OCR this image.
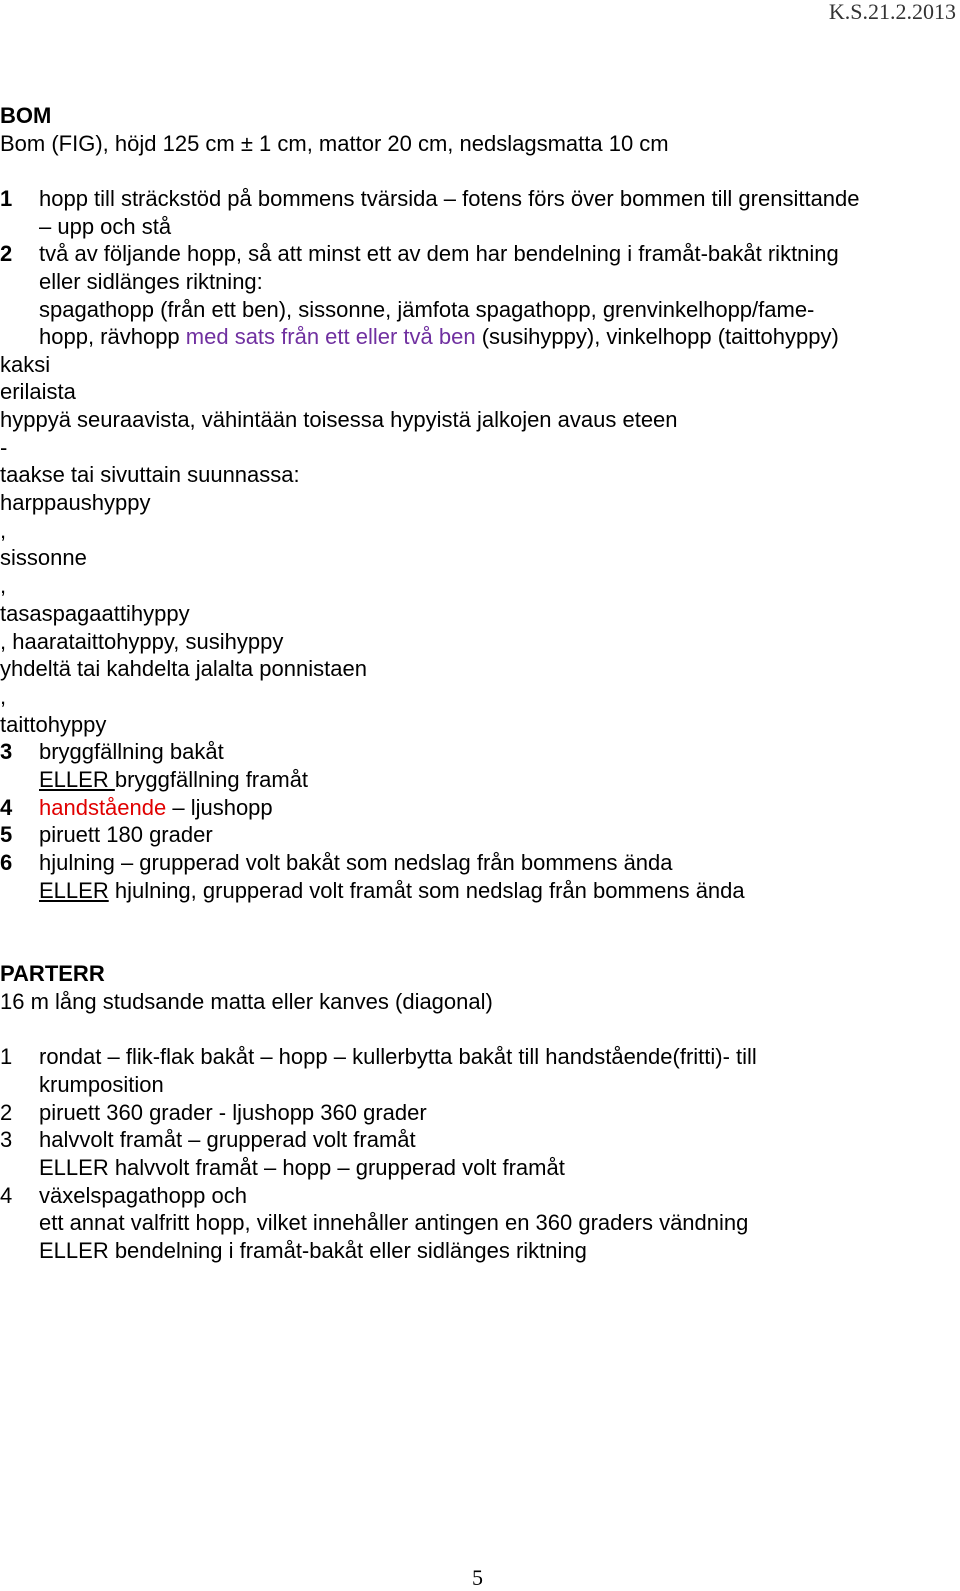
K.S.21.2.2013
BOM
Bom (FIG), höjd 125 cm ± 1 cm, mattor 20 cm, nedslagsmatta 10 cm
1 hopp till sträckstöd på bommens tvärsida – fotens förs över bommen till grensittande
– upp och stå
2 två av följande hopp, så att minst ett av dem har bendelning i framåt-bakåt riktning
eller sidlänges riktning:
spagathopp (från ett ben), sissonne, jämfota spagathopp, grenvinkelhopp/fame-
hopp, rävhopp med sats från ett eller två ben (susihyppy), vinkelhopp (taittohyppy)
kaksi
erilaista
hyppyä seuraavista, vähintään toisessa hypyistä jalkojen avaus eteen
-
taakse tai sivuttain suunnassa:
harppaushyppy
,
sissonne
,
tasaspagaattihyppy
, haarataittohyppy, susihyppy
yhdeltä tai kahdelta jalalta ponnistaen
,
taittohyppy
3 bryggfällning bakåt
ELLER bryggfällning framåt
4 handstående – ljushopp
5 piruett 180 grader
6 hjulning – grupperad volt bakåt som nedslag från bommens ända
ELLER hjulning, grupperad volt framåt som nedslag från bommens ända
PARTERR
16 m lång studsande matta eller kanves (diagonal)
1 rondat – flik-flak bakåt – hopp – kullerbytta bakåt till handstående(fritti)- till
krumposition
2 piruett 360 grader - ljushopp 360 grader
3 halvvolt framåt – grupperad volt framåt
ELLER halvvolt framåt – hopp – grupperad volt framåt
4 växelspagathopp och
ett annat valfritt hopp, vilket innehåller antingen en 360 graders vändning
ELLER bendelning i framåt-bakåt eller sidlänges riktning
5
